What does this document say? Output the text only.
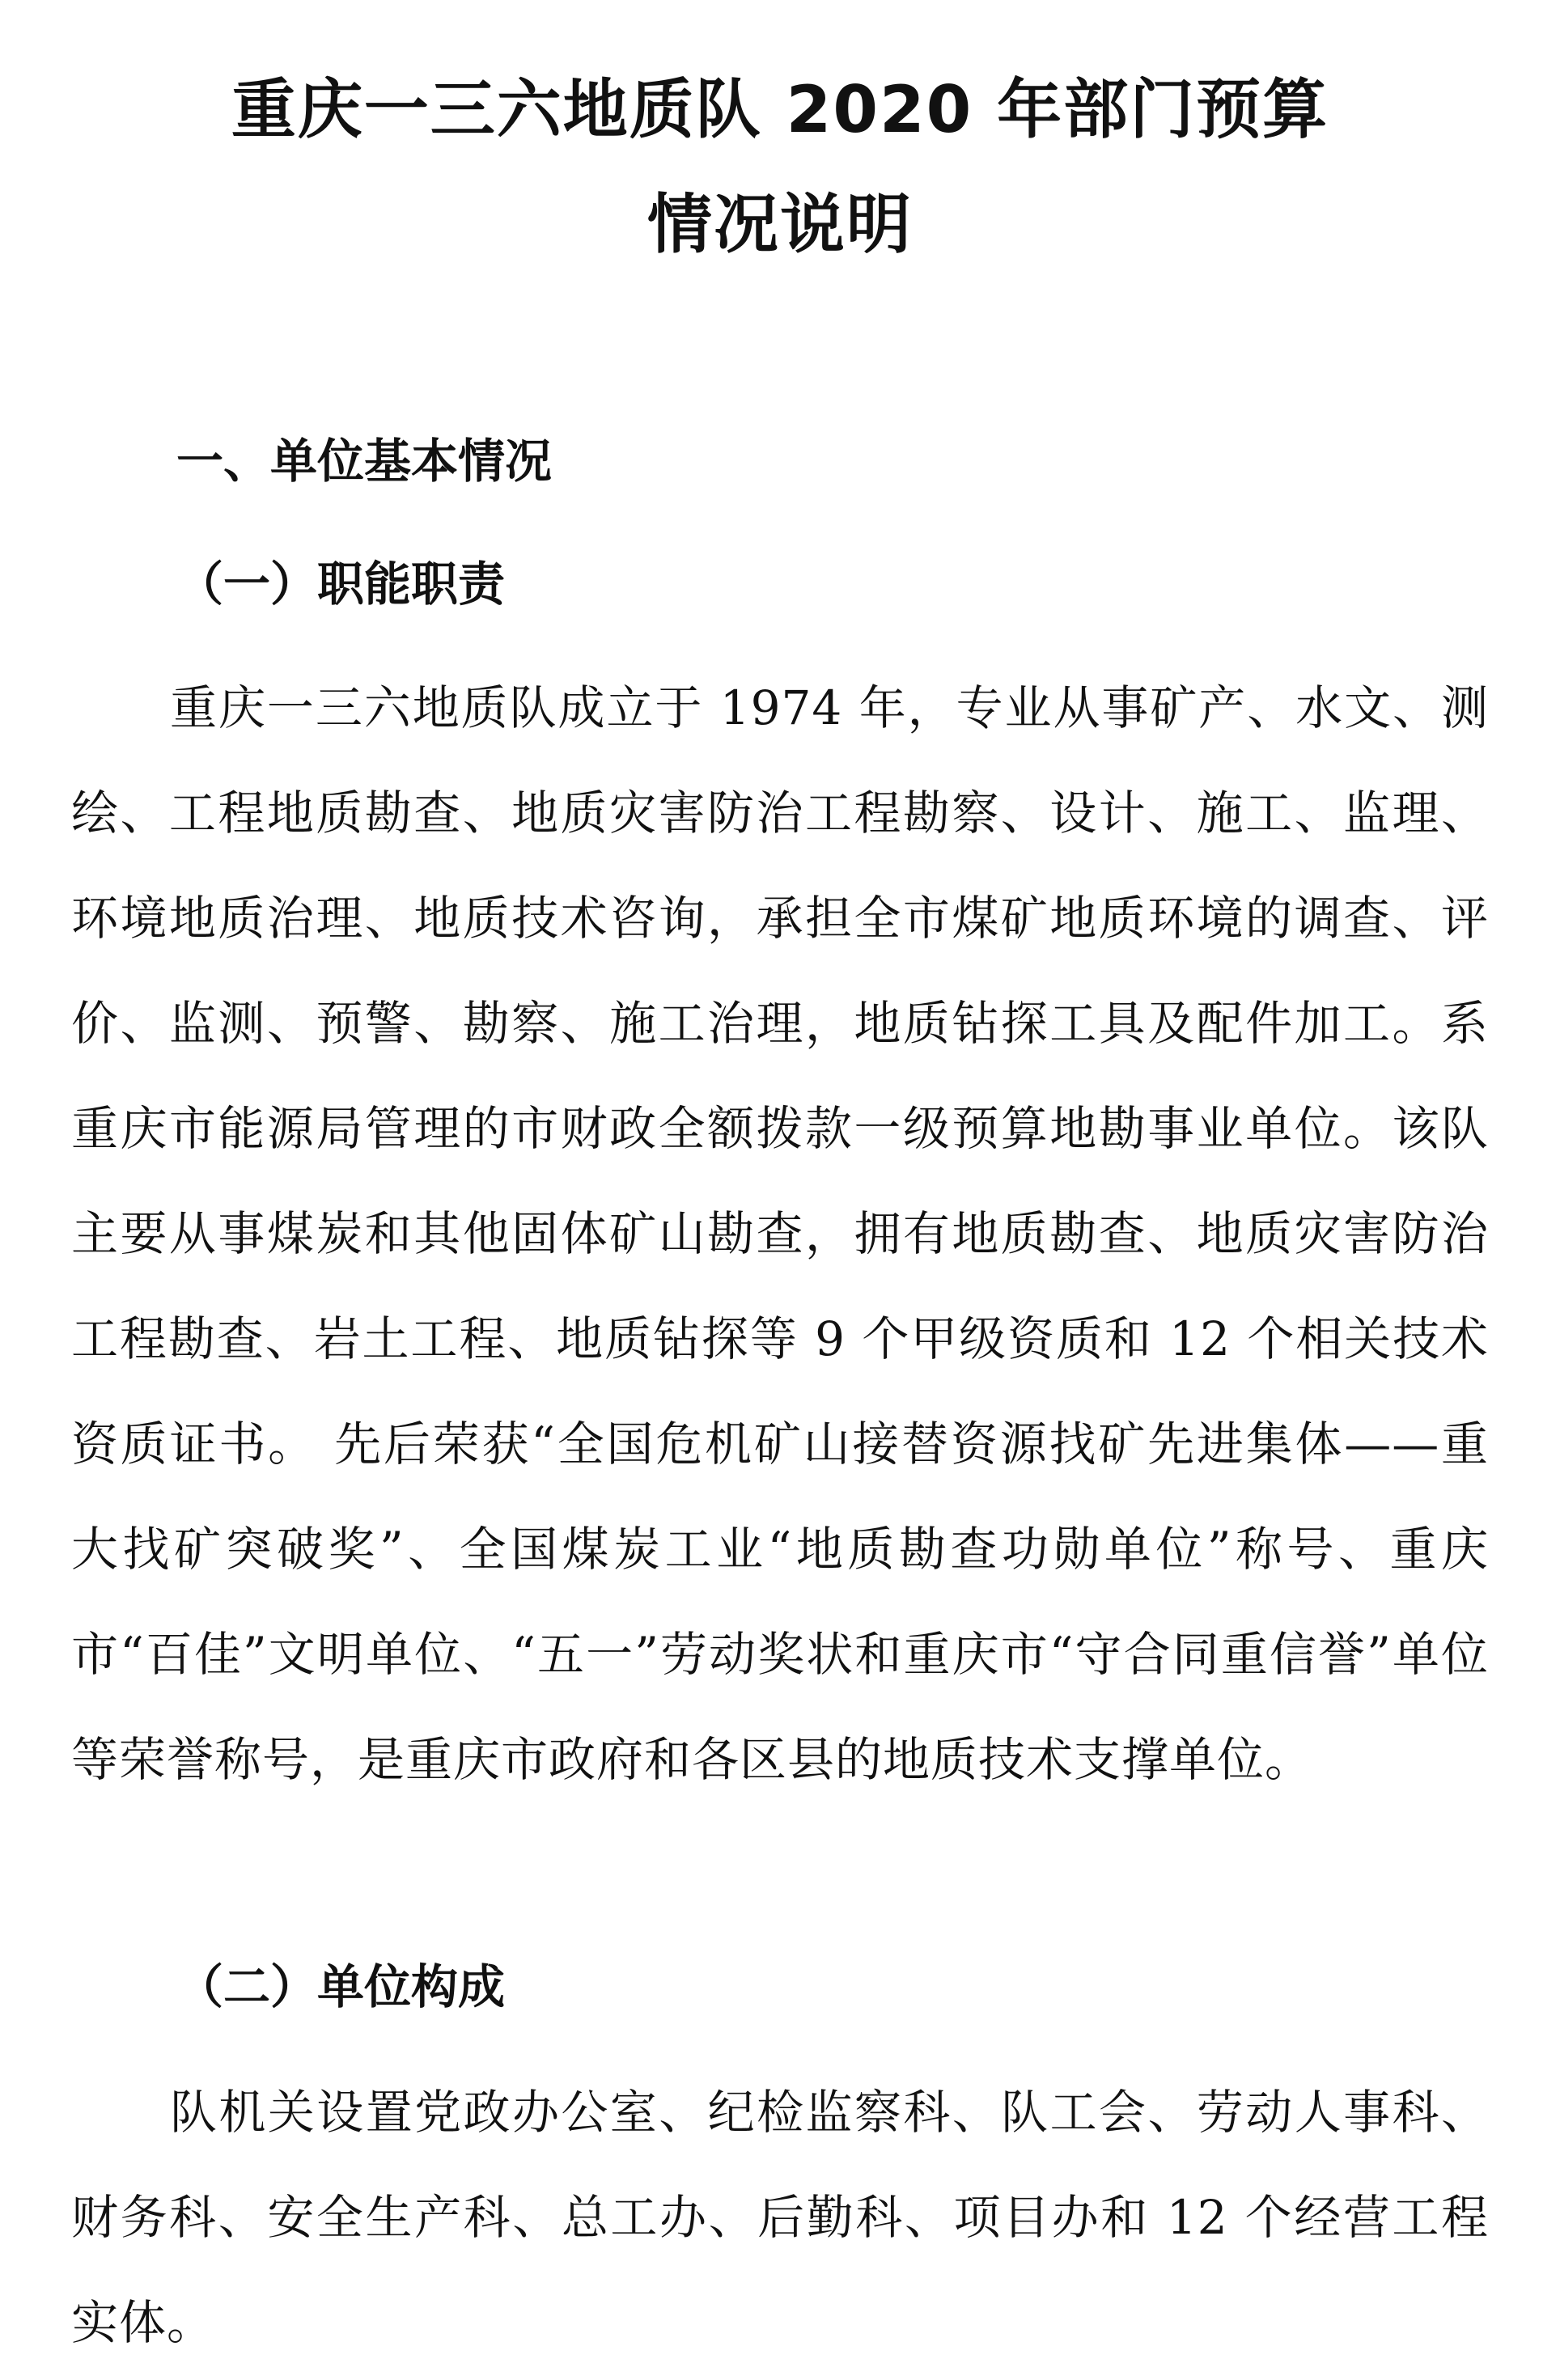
重庆一三六地质队 2020 年部门预算
情况说明
一、单位基本情况
（一）职能职责

重庆一三六地质队成立于 1974 年，专业从事矿产、水文、测绘、工程地质勘查、地质灾害防治工程勘察、设计、施工、监理、环境地质治理、地质技术咨询，承担全市煤矿地质环境的调查、评价、监测、预警、勘察、施工治理，地质钻探工具及配件加工。系重庆市能源局管理的市财政全额拨款一级预算地勘事业单位。该队主要从事煤炭和其他固体矿山勘查，拥有地质勘查、地质灾害防治工程勘查、岩土工程、地质钻探等 9 个甲级资质和 12 个相关技术资质证书。 先后荣获“全国危机矿山接替资源找矿先进集体——重大找矿突破奖”、全国煤炭工业“地质勘查功勋单位”称号、重庆市“百佳”文明单位、“五一”劳动奖状和重庆市“守合同重信誉”单位等荣誉称号，是重庆市政府和各区县的地质技术支撑单位。

（二）单位构成

队机关设置党政办公室、纪检监察科、队工会、劳动人事科、财务科、安全生产科、总工办、后勤科、项目办和 12 个经营工程实体。
